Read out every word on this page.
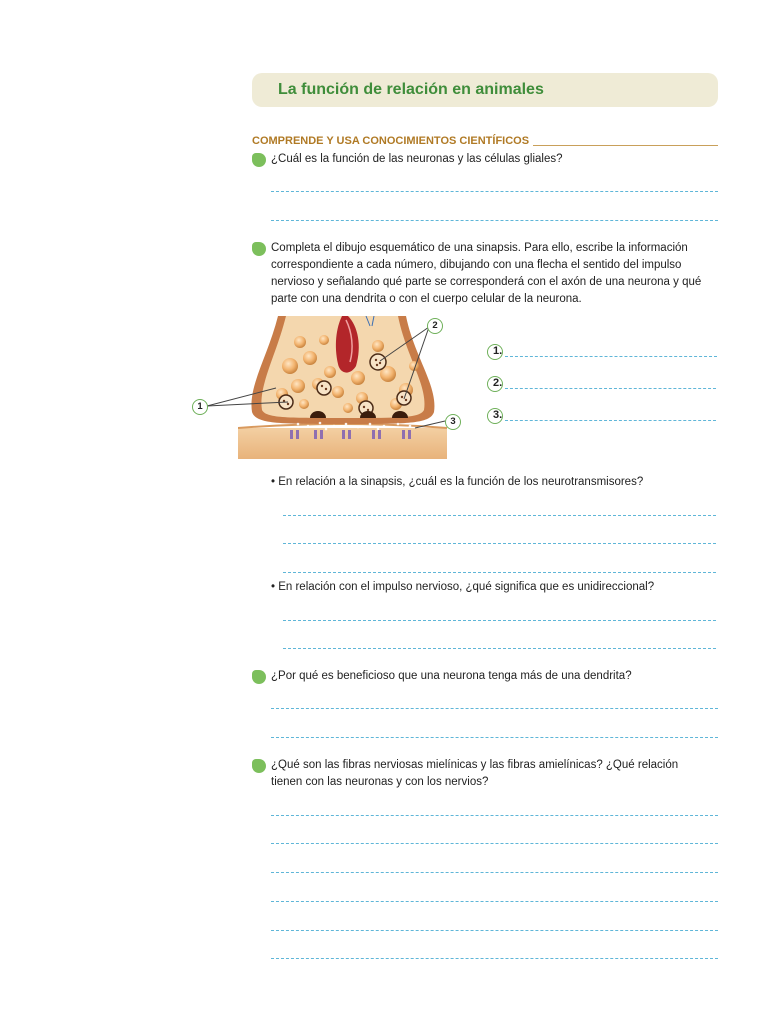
La función de relación en animales
COMPRENDE Y USA CONOCIMIENTOS CIENTÍFICOS
¿Cuál es la función de las neuronas y las células gliales?
Completa el dibujo esquemático de una sinapsis. Para ello, escribe la información correspondiente a cada número, dibujando con una flecha el sentido del impulso nervioso y señalando qué parte se corresponderá con el axón de una neurona y qué parte con una dendrita o con el cuerpo celular de la neurona.
1
2
3
1.
2.
3.
• En relación a la sinapsis, ¿cuál es la función de los neurotransmisores?
• En relación con el impulso nervioso, ¿qué significa que es unidireccional?
¿Por qué es beneficioso que una neurona tenga más de una dendrita?
¿Qué son las fibras nerviosas mielínicas y las fibras amielínicas? ¿Qué relación tienen con las neuronas y con los nervios?
